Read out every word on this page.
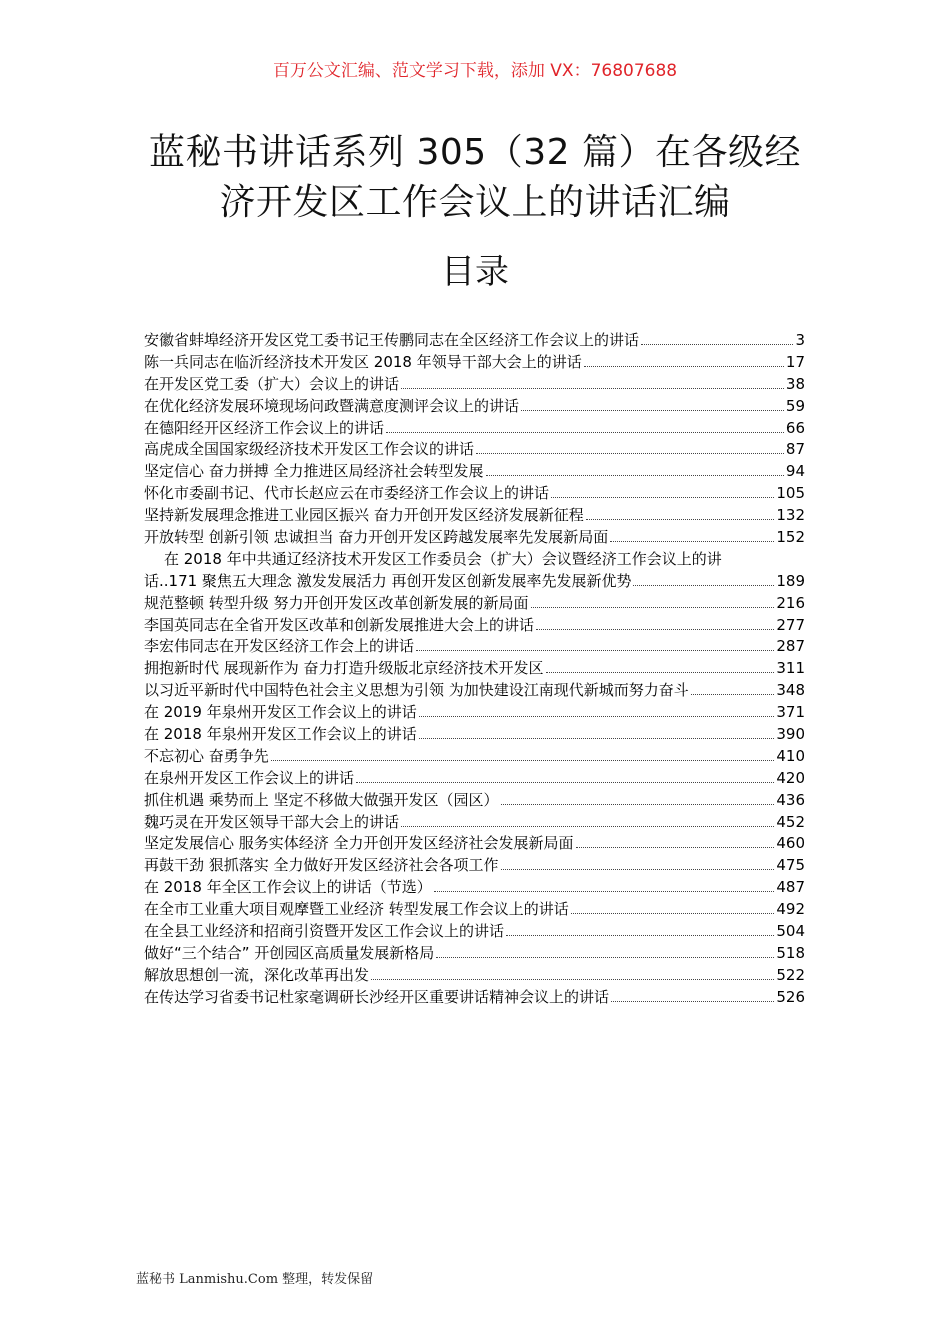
百万公文汇编、范文学习下载，添加 VX：76807688
蓝秘书讲话系列 305（32 篇）在各级经
济开发区工作会议上的讲话汇编
目录
安徽省蚌埠经济开发区党工委书记王传鹏同志在全区经济工作会议上的讲话	3
陈一兵同志在临沂经济技术开发区 2018 年领导干部大会上的讲话	17
在开发区党工委（扩大）会议上的讲话	38
在优化经济发展环境现场问政暨满意度测评会议上的讲话	59
在德阳经开区经济工作会议上的讲话	66
高虎成全国国家级经济技术开发区工作会议的讲话	87
坚定信心 奋力拼搏 全力推进区局经济社会转型发展	94
怀化市委副书记、代市长赵应云在市委经济工作会议上的讲话	105
坚持新发展理念推进工业园区振兴 奋力开创开发区经济发展新征程	132
开放转型 创新引领 忠诚担当 奋力开创开发区跨越发展率先发展新局面	152
在 2018 年中共通辽经济技术开发区工作委员会（扩大）会议暨经济工作会议上的讲
话..171 聚焦五大理念 激发发展活力 再创开发区创新发展率先发展新优势	189
规范整顿 转型升级 努力开创开发区改革创新发展的新局面	216
李国英同志在全省开发区改革和创新发展推进大会上的讲话	277
李宏伟同志在开发区经济工作会上的讲话	287
拥抱新时代 展现新作为 奋力打造升级版北京经济技术开发区	311
以习近平新时代中国特色社会主义思想为引领 为加快建设江南现代新城而努力奋斗	348
在 2019 年泉州开发区工作会议上的讲话	371
在 2018 年泉州开发区工作会议上的讲话	390
不忘初心 奋勇争先	410
在泉州开发区工作会议上的讲话	420
抓住机遇 乘势而上 坚定不移做大做强开发区（园区）	436
魏巧灵在开发区领导干部大会上的讲话	452
坚定发展信心 服务实体经济 全力开创开发区经济社会发展新局面	460
再鼓干劲 狠抓落实 全力做好开发区经济社会各项工作	475
在 2018 年全区工作会议上的讲话（节选）	487
在全市工业重大项目观摩暨工业经济 转型发展工作会议上的讲话	492
在全县工业经济和招商引资暨开发区工作会议上的讲话	504
做好“三个结合” 开创园区高质量发展新格局	518
解放思想创一流，深化改革再出发	522
在传达学习省委书记杜家毫调研长沙经开区重要讲话精神会议上的讲话	526
蓝秘书 Lanmishu.Com 整理，转发保留
